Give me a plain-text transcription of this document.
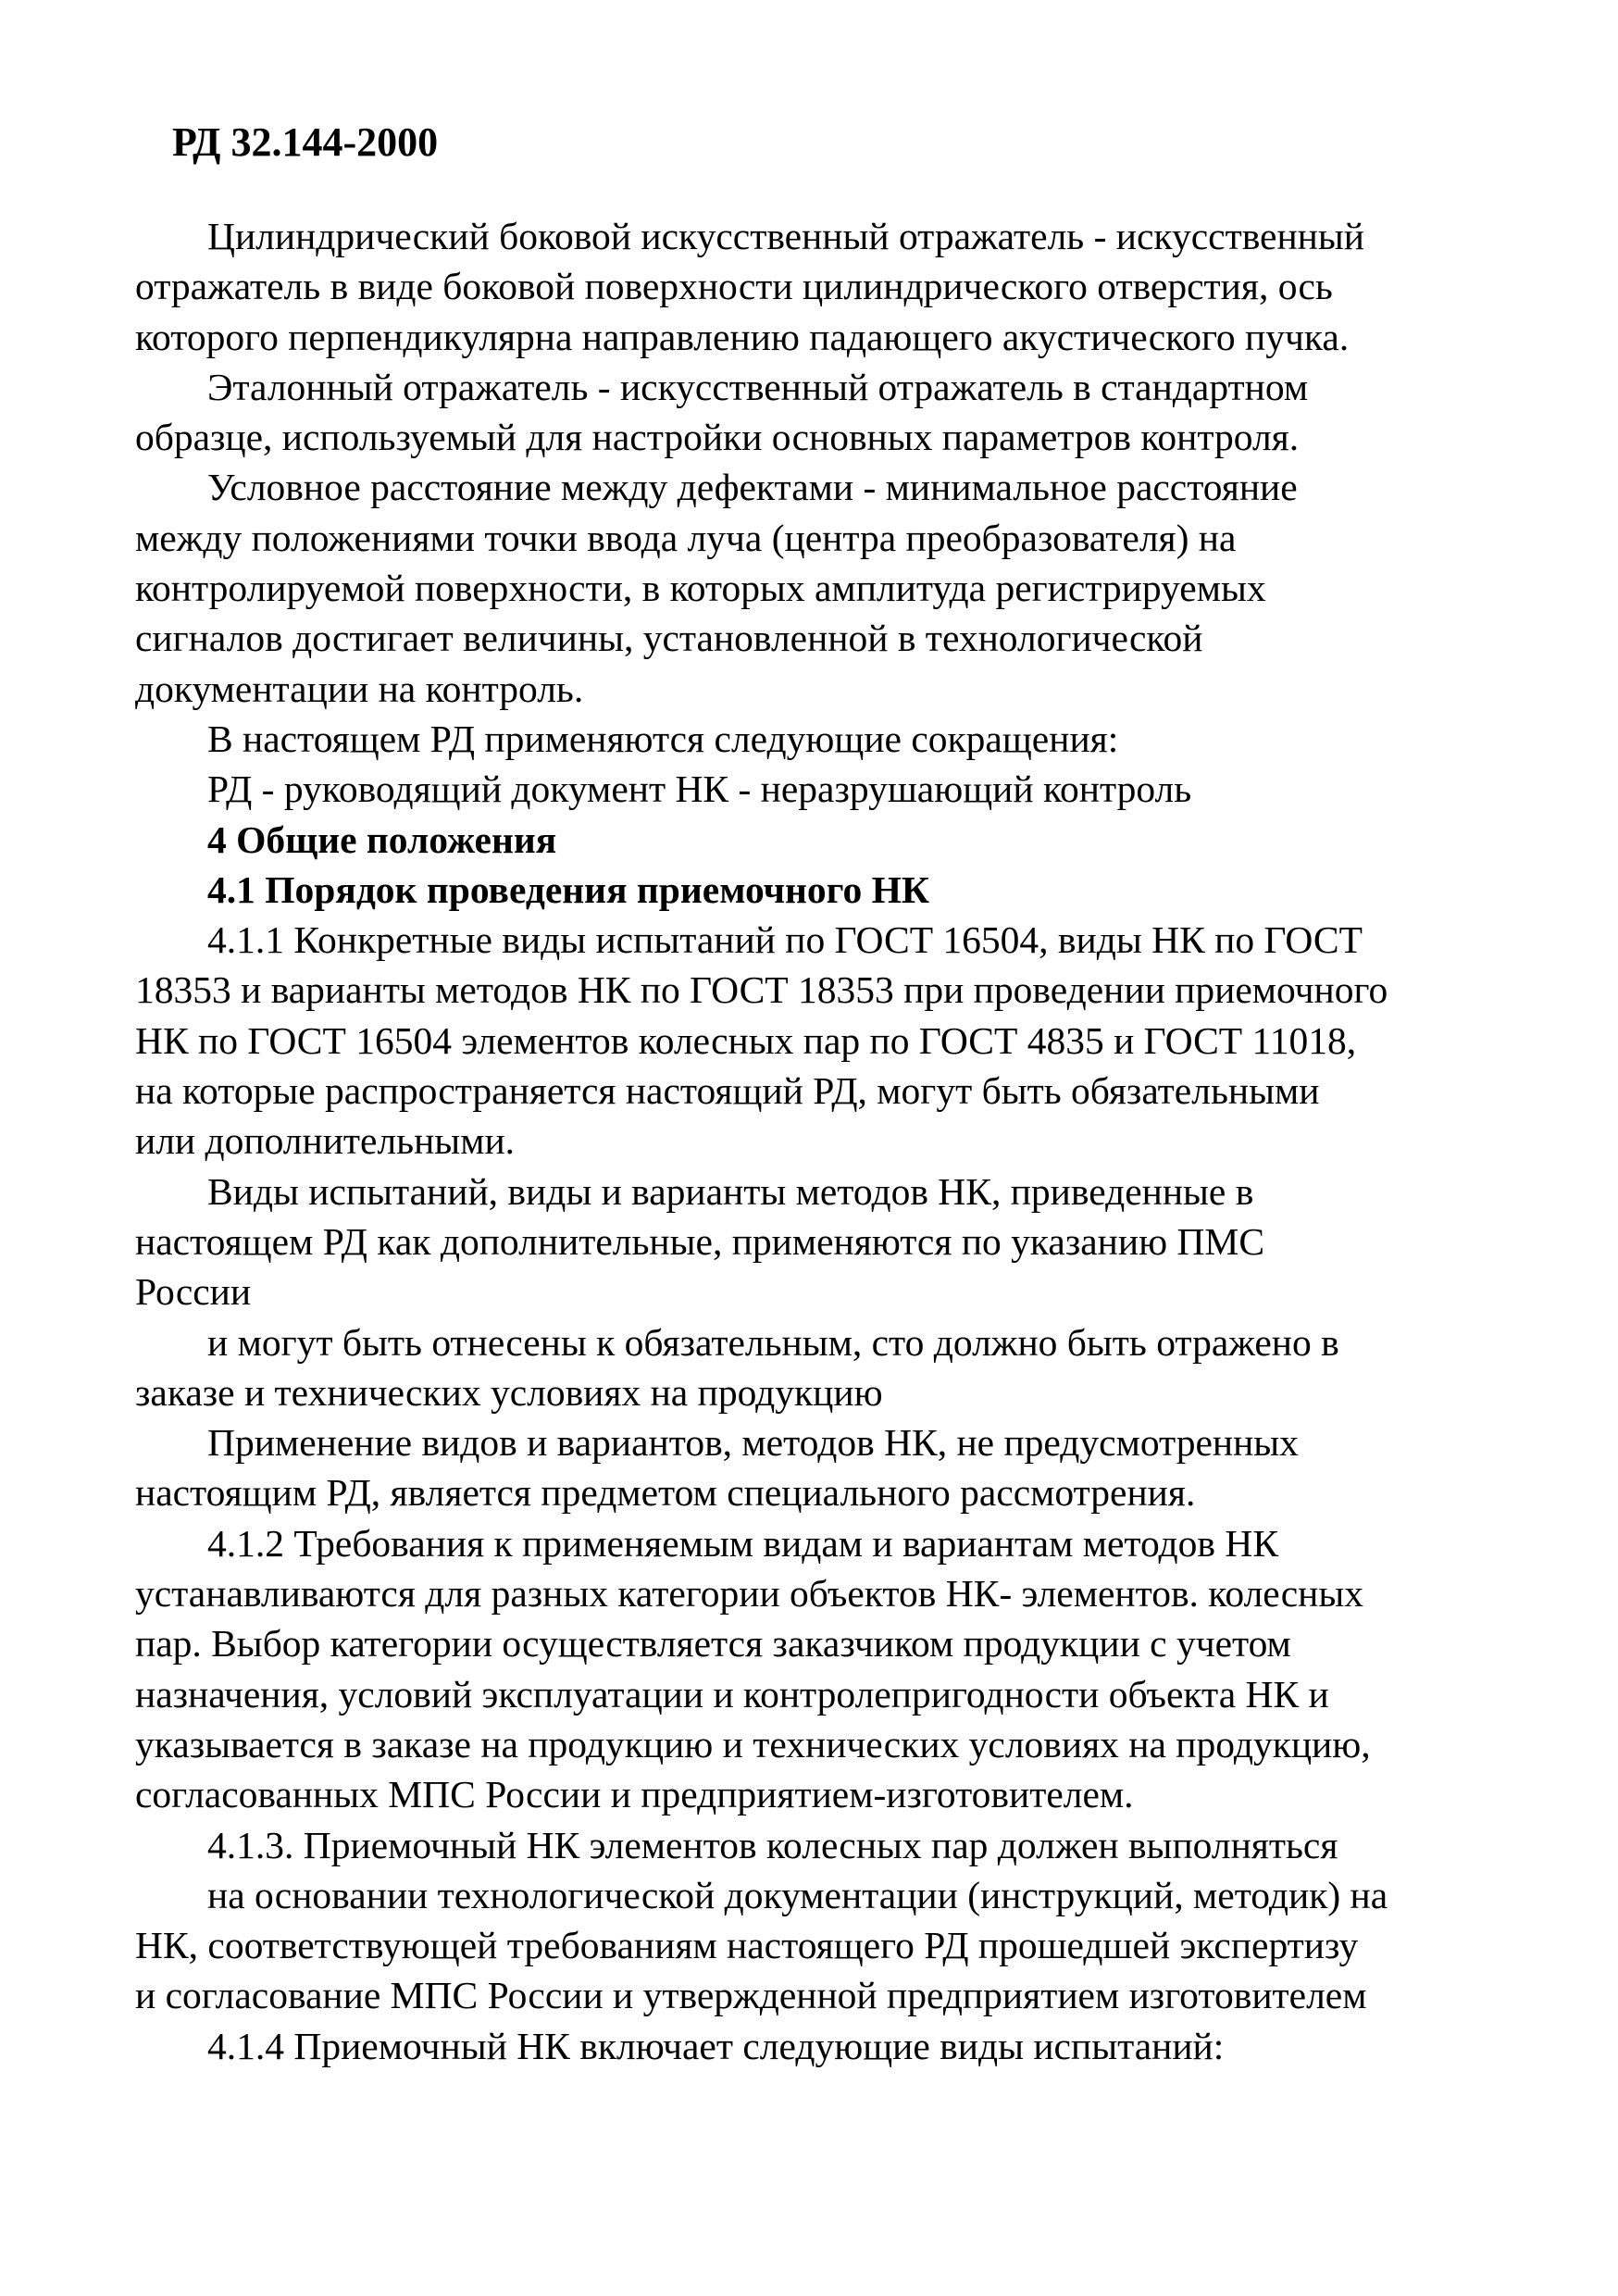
РД 32.144-2000
Цилиндрический боковой искусственный отражатель - искусственный
отражатель в виде боковой поверхности цилиндрического отверстия, ось
которого перпендикулярна направлению падающего акустического пучка.
Эталонный отражатель - искусственный отражатель в стандартном
образце, используемый для настройки основных параметров контроля.
Условное расстояние между дефектами - минимальное расстояние
между положениями точки ввода луча (центра преобразователя) на
контролируемой поверхности, в которых амплитуда регистрируемых
сигналов достигает величины, установленной в технологической
документации на контроль.
В настоящем РД применяются следующие сокращения:
РД - руководящий документ НК - неразрушающий контроль
4 Общие положения
4.1 Порядок проведения приемочного НК
4.1.1 Конкретные виды испытаний по ГОСТ 16504, виды НК по ГОСТ
18353 и варианты методов НК по ГОСТ 18353 при проведении приемочного
НК по ГОСТ 16504 элементов колесных пар по ГОСТ 4835 и ГОСТ 11018,
на которые распространяется настоящий РД, могут быть обязательными
или дополнительными.
Виды испытаний, виды и варианты методов НК, приведенные в
настоящем РД как дополнительные, применяются по указанию ПМС
России
и могут быть отнесены к обязательным, сто должно быть отражено в
заказе и технических условиях на продукцию
Применение видов и вариантов, методов НК, не предусмотренных
настоящим РД, является предметом специального рассмотрения.
4.1.2 Требования к применяемым видам и вариантам методов НК
устанавливаются для разных категории объектов НК- элементов. колесных
пар. Выбор категории осуществляется заказчиком продукции с учетом
назначения, условий эксплуатации и контролепригодности объекта НК и
указывается в заказе на продукцию и технических условиях на продукцию,
согласованных МПС России и предприятием-изготовителем.
4.1.3. Приемочный НК элементов колесных пар должен выполняться
на основании технологической документации (инструкций, методик) на
НК, соответствующей требованиям настоящего РД прошедшей экспертизу
и согласование МПС России и утвержденной предприятием изготовителем
4.1.4 Приемочный НК включает следующие виды испытаний:
